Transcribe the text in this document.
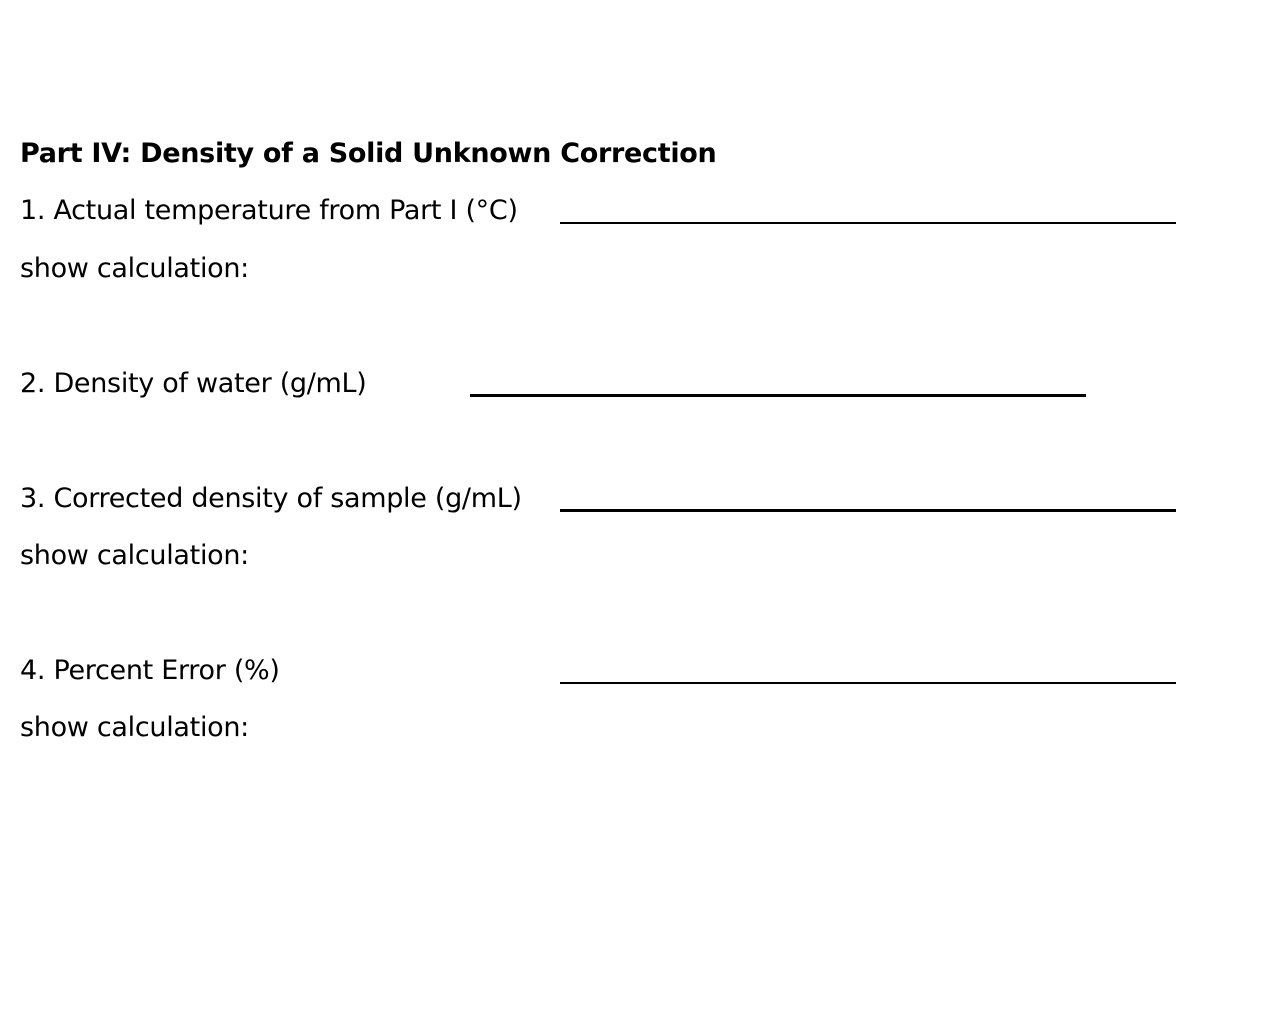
Part IV: Density of a Solid Unknown Correction
1. Actual temperature from Part I (°C)
show calculation:
2. Density of water (g/mL)
3. Corrected density of sample (g/mL)
show calculation:
4. Percent Error (%)
show calculation:
